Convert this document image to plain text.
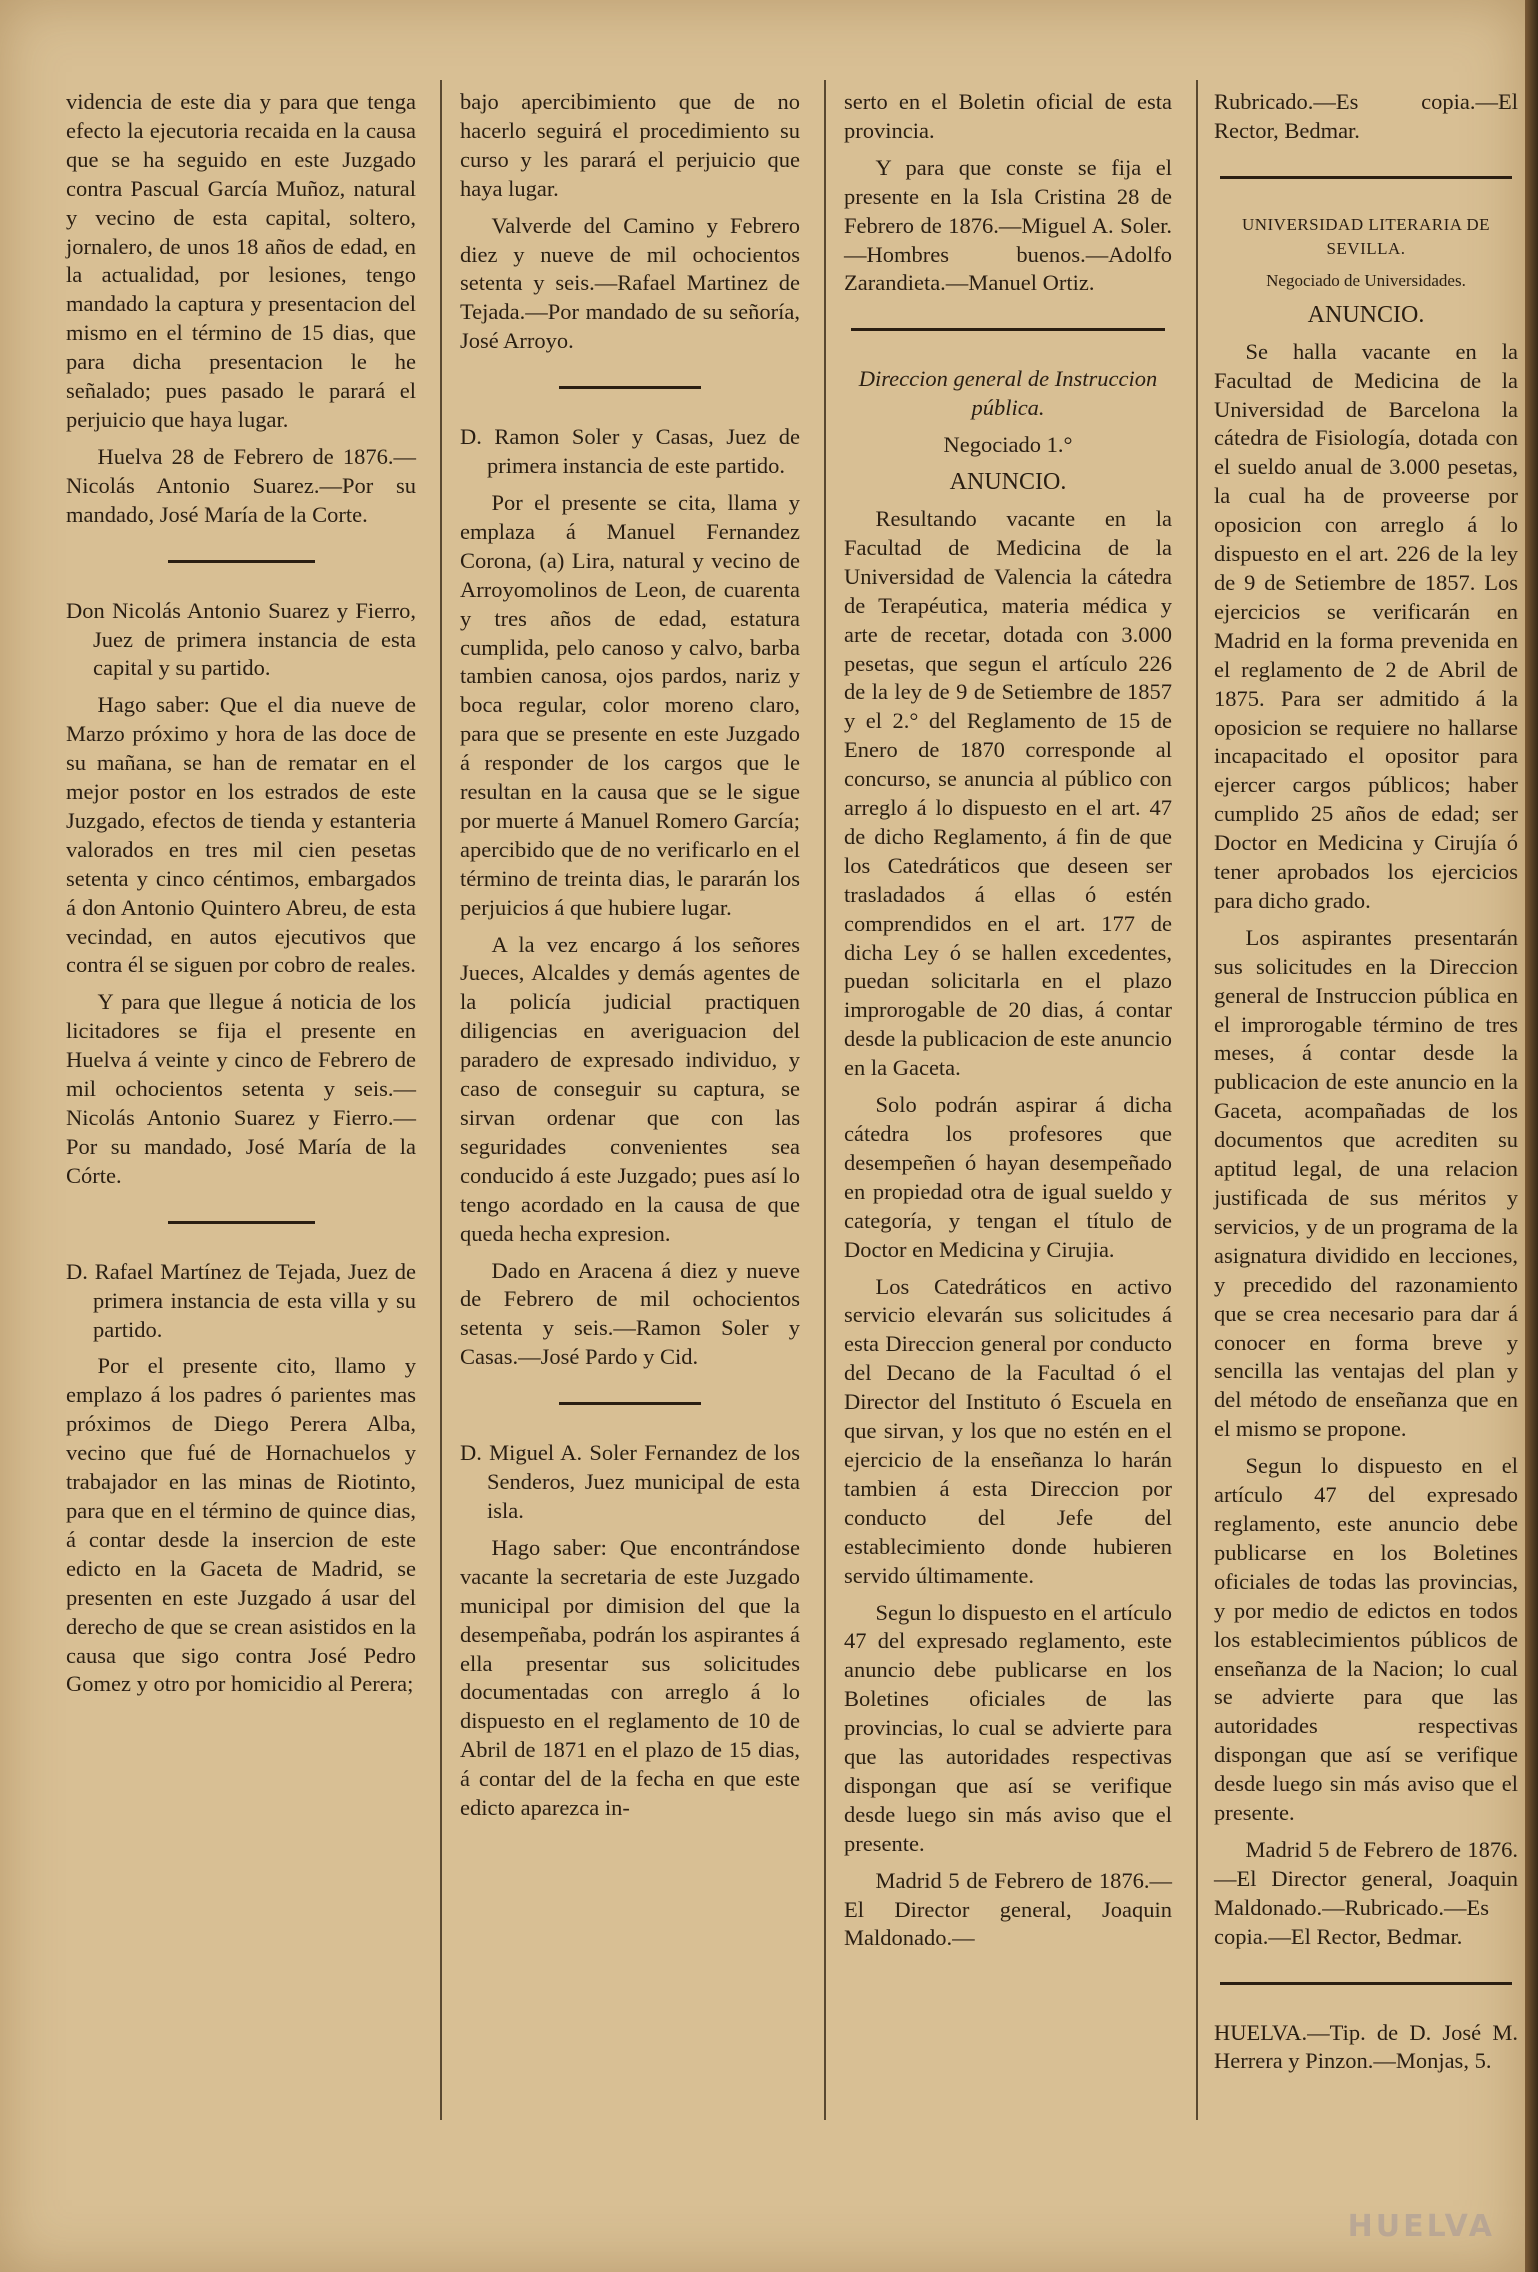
videncia de este dia y para que tenga efecto la ejecutoria recaida en la causa que se ha seguido en este Juzgado contra Pascual García Muñoz, natural y vecino de esta capital, soltero, jornalero, de unos 18 años de edad, en la actualidad, por lesiones, tengo mandado la captura y presentacion del mismo en el término de 15 dias, que para dicha presentacion le he señalado; pues pasado le parará el perjuicio que haya lugar.

Huelva 28 de Febrero de 1876.—Nicolás Antonio Suarez.—Por su mandado, José María de la Corte.

Don Nicolás Antonio Suarez y Fierro, Juez de primera instancia de esta capital y su partido.

Hago saber: Que el dia nueve de Marzo próximo y hora de las doce de su mañana, se han de rematar en el mejor postor en los estrados de este Juzgado, efectos de tienda y estanteria valorados en tres mil cien pesetas setenta y cinco céntimos, embargados á don Antonio Quintero Abreu, de esta vecindad, en autos ejecutivos que contra él se siguen por cobro de reales.

Y para que llegue á noticia de los licitadores se fija el presente en Huelva á veinte y cinco de Febrero de mil ochocientos setenta y seis.—Nicolás Antonio Suarez y Fierro.—Por su mandado, José María de la Córte.

D. Rafael Martínez de Tejada, Juez de primera instancia de esta villa y su partido.

Por el presente cito, llamo y emplazo á los padres ó parientes mas próximos de Diego Perera Alba, vecino que fué de Hornachuelos y trabajador en las minas de Riotinto, para que en el término de quince dias, á contar desde la insercion de este edicto en la Gaceta de Madrid, se presenten en este Juzgado á usar del derecho de que se crean asistidos en la causa que sigo contra José Pedro Gomez y otro por homicidio al Perera;

bajo apercibimiento que de no hacerlo seguirá el procedimiento su curso y les parará el perjuicio que haya lugar.

Valverde del Camino y Febrero diez y nueve de mil ochocientos setenta y seis.—Rafael Martinez de Tejada.—Por mandado de su señoría, José Arroyo.

D. Ramon Soler y Casas, Juez de primera instancia de este partido.

Por el presente se cita, llama y emplaza á Manuel Fernandez Corona, (a) Lira, natural y vecino de Arroyomolinos de Leon, de cuarenta y tres años de edad, estatura cumplida, pelo canoso y calvo, barba tambien canosa, ojos pardos, nariz y boca regular, color moreno claro, para que se presente en este Juzgado á responder de los cargos que le resultan en la causa que se le sigue por muerte á Manuel Romero García; apercibido que de no verificarlo en el término de treinta dias, le pararán los perjuicios á que hubiere lugar.

A la vez encargo á los señores Jueces, Alcaldes y demás agentes de la policía judicial practiquen diligencias en averiguacion del paradero de expresado individuo, y caso de conseguir su captura, se sirvan ordenar que con las seguridades convenientes sea conducido á este Juzgado; pues así lo tengo acordado en la causa de que queda hecha expresion.

Dado en Aracena á diez y nueve de Febrero de mil ochocientos setenta y seis.—Ramon Soler y Casas.—José Pardo y Cid.

D. Miguel A. Soler Fernandez de los Senderos, Juez municipal de esta isla.

Hago saber: Que encontrándose vacante la secretaria de este Juzgado municipal por dimision del que la desempeñaba, podrán los aspirantes á ella presentar sus solicitudes documentadas con arreglo á lo dispuesto en el reglamento de 10 de Abril de 1871 en el plazo de 15 dias, á contar del de la fecha en que este edicto aparezca in-

serto en el Boletin oficial de esta provincia.

Y para que conste se fija el presente en la Isla Cristina 28 de Febrero de 1876.—Miguel A. Soler.—Hombres buenos.—Adolfo Zarandieta.—Manuel Ortiz.

Direccion general de Instruccion pública.

Negociado 1.°

ANUNCIO.

Resultando vacante en la Facultad de Medicina de la Universidad de Valencia la cátedra de Terapéutica, materia médica y arte de recetar, dotada con 3.000 pesetas, que segun el artículo 226 de la ley de 9 de Setiembre de 1857 y el 2.° del Reglamento de 15 de Enero de 1870 corresponde al concurso, se anuncia al público con arreglo á lo dispuesto en el art. 47 de dicho Reglamento, á fin de que los Catedráticos que deseen ser trasladados á ellas ó estén comprendidos en el art. 177 de dicha Ley ó se hallen excedentes, puedan solicitarla en el plazo improrogable de 20 dias, á contar desde la publicacion de este anuncio en la Gaceta.

Solo podrán aspirar á dicha cátedra los profesores que desempeñen ó hayan desempeñado en propiedad otra de igual sueldo y categoría, y tengan el título de Doctor en Medicina y Cirujia.

Los Catedráticos en activo servicio elevarán sus solicitudes á esta Direccion general por conducto del Decano de la Facultad ó el Director del Instituto ó Escuela en que sirvan, y los que no estén en el ejercicio de la enseñanza lo harán tambien á esta Direccion por conducto del Jefe del establecimiento donde hubieren servido últimamente.

Segun lo dispuesto en el artículo 47 del expresado reglamento, este anuncio debe publicarse en los Boletines oficiales de las provincias, lo cual se advierte para que las autoridades respectivas dispongan que así se verifique desde luego sin más aviso que el presente.

Madrid 5 de Febrero de 1876.—El Director general, Joaquin Maldonado.—

Rubricado.—Es copia.—El Rector, Bedmar.

UNIVERSIDAD LITERARIA DE SEVILLA.

Negociado de Universidades.

ANUNCIO.

Se halla vacante en la Facultad de Medicina de la Universidad de Barcelona la cátedra de Fisiología, dotada con el sueldo anual de 3.000 pesetas, la cual ha de proveerse por oposicion con arreglo á lo dispuesto en el art. 226 de la ley de 9 de Setiembre de 1857. Los ejercicios se verificarán en Madrid en la forma prevenida en el reglamento de 2 de Abril de 1875. Para ser admitido á la oposicion se requiere no hallarse incapacitado el opositor para ejercer cargos públicos; haber cumplido 25 años de edad; ser Doctor en Medicina y Cirujía ó tener aprobados los ejercicios para dicho grado.

Los aspirantes presentarán sus solicitudes en la Direccion general de Instruccion pública en el improrogable término de tres meses, á contar desde la publicacion de este anuncio en la Gaceta, acompañadas de los documentos que acrediten su aptitud legal, de una relacion justificada de sus méritos y servicios, y de un programa de la asignatura dividido en lecciones, y precedido del razonamiento que se crea necesario para dar á conocer en forma breve y sencilla las ventajas del plan y del método de enseñanza que en el mismo se propone.

Segun lo dispuesto en el artículo 47 del expresado reglamento, este anuncio debe publicarse en los Boletines oficiales de todas las provincias, y por medio de edictos en todos los establecimientos públicos de enseñanza de la Nacion; lo cual se advierte para que las autoridades respectivas dispongan que así se verifique desde luego sin más aviso que el presente.

Madrid 5 de Febrero de 1876.—El Director general, Joaquin Maldonado.—Rubricado.—Es copia.—El Rector, Bedmar.

HUELVA.—Tip. de D. José M. Herrera y Pinzon.—Monjas, 5.

HUELVA
